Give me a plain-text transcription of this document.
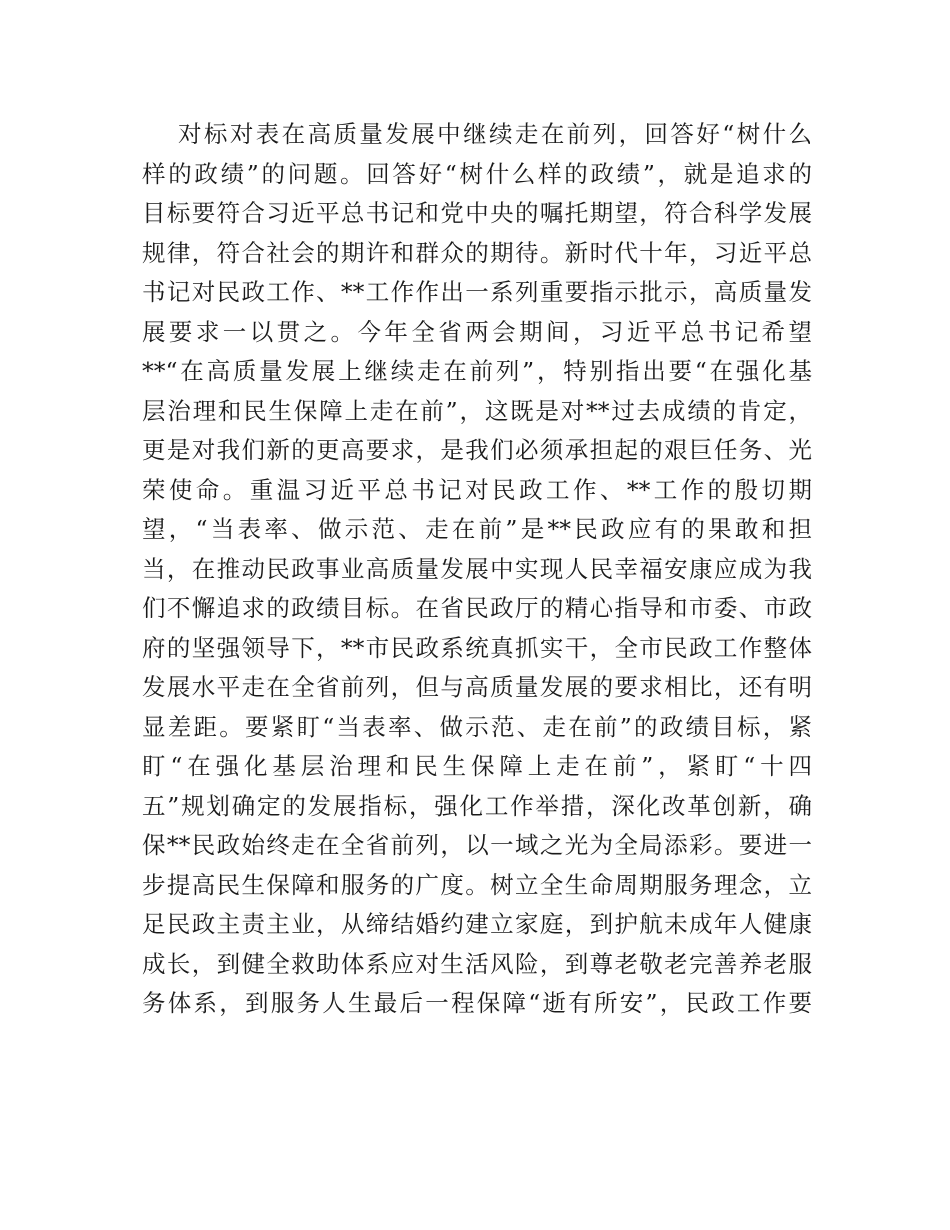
对标对表在高质量发展中继续走在前列，回答好“树什么
样的政绩”的问题。回答好“树什么样的政绩”，就是追求的
目标要符合习近平总书记和党中央的嘱托期望，符合科学发展
规律，符合社会的期许和群众的期待。新时代十年，习近平总
书记对民政工作、**工作作出一系列重要指示批示，高质量发
展要求一以贯之。今年全省两会期间，习近平总书记希望
**“在高质量发展上继续走在前列”，特别指出要“在强化基
层治理和民生保障上走在前”，这既是对**过去成绩的肯定，
更是对我们新的更高要求，是我们必须承担起的艰巨任务、光
荣使命。重温习近平总书记对民政工作、**工作的殷切期
望，“当表率、做示范、走在前”是**民政应有的果敢和担
当，在推动民政事业高质量发展中实现人民幸福安康应成为我
们不懈追求的政绩目标。在省民政厅的精心指导和市委、市政
府的坚强领导下，**市民政系统真抓实干，全市民政工作整体
发展水平走在全省前列，但与高质量发展的要求相比，还有明
显差距。要紧盯“当表率、做示范、走在前”的政绩目标，紧
盯“在强化基层治理和民生保障上走在前”，紧盯“十四
五”规划确定的发展指标，强化工作举措，深化改革创新，确
保**民政始终走在全省前列，以一域之光为全局添彩。要进一
步提高民生保障和服务的广度。树立全生命周期服务理念，立
足民政主责主业，从缔结婚约建立家庭，到护航未成年人健康
成长，到健全救助体系应对生活风险，到尊老敬老完善养老服
务体系，到服务人生最后一程保障“逝有所安”，民政工作要
